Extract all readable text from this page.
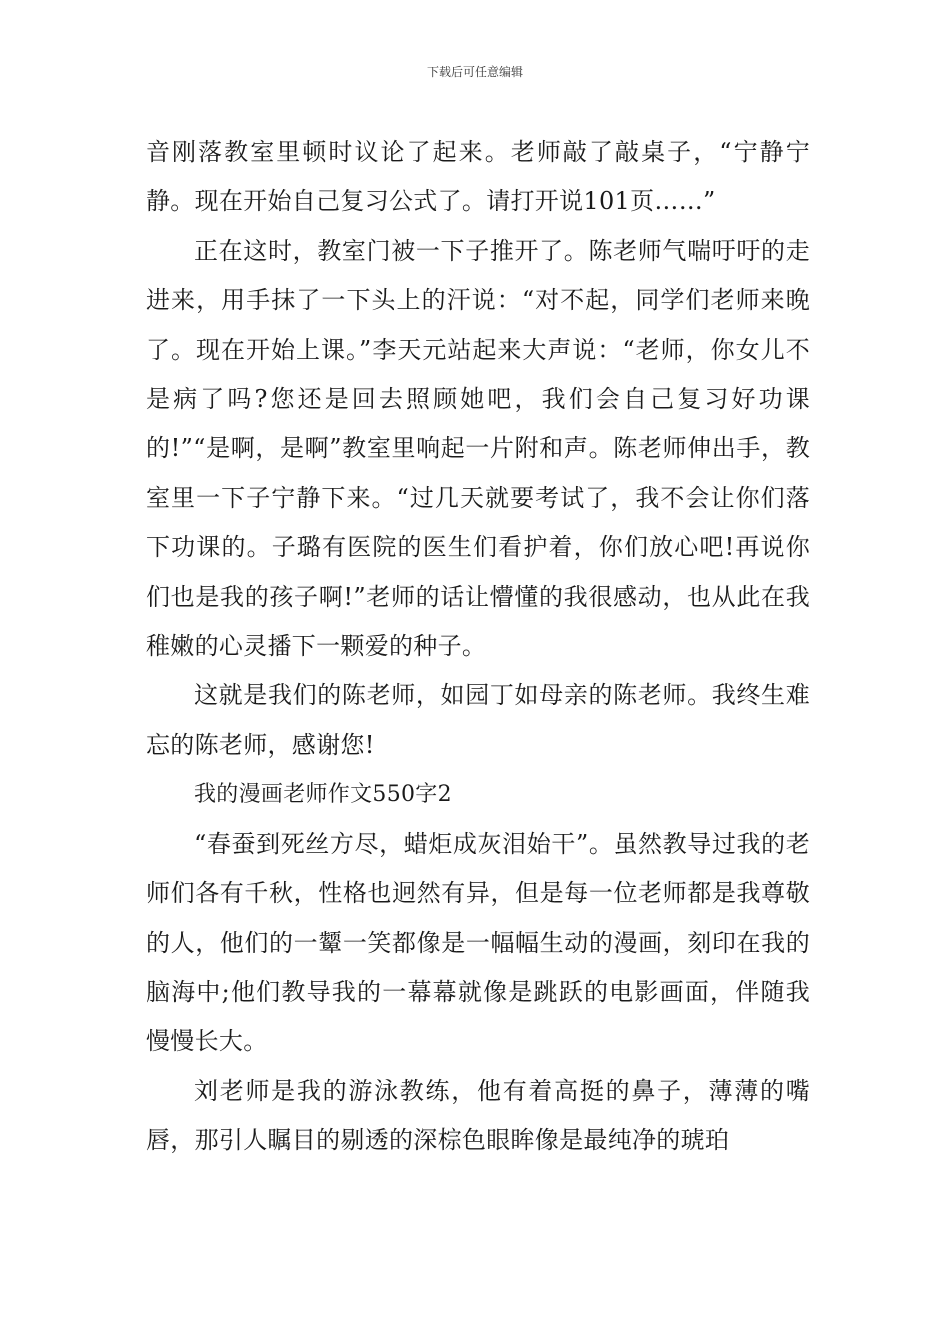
下载后可任意编辑

音刚落教室里顿时议论了起来。老师敲了敲桌子，“宁静宁静。现在开始自己复习公式了。请打开说101页……”

正在这时，教室门被一下子推开了。陈老师气喘吁吁的走进来，用手抹了一下头上的汗说：“对不起，同学们老师来晚了。现在开始上课。”李天元站起来大声说：“老师，你女儿不是病了吗?您还是回去照顾她吧，我们会自己复习好功课的!”“是啊，是啊”教室里响起一片附和声。陈老师伸出手，教室里一下子宁静下来。“过几天就要考试了，我不会让你们落下功课的。子璐有医院的医生们看护着，你们放心吧!再说你们也是我的孩子啊!”老师的话让懵懂的我很感动，也从此在我稚嫩的心灵播下一颗爱的种子。

这就是我们的陈老师，如园丁如母亲的陈老师。我终生难忘的陈老师，感谢您!

我的漫画老师作文550字2

“春蚕到死丝方尽，蜡炬成灰泪始干”。虽然教导过我的老师们各有千秋，性格也迥然有异，但是每一位老师都是我尊敬的人，他们的一颦一笑都像是一幅幅生动的漫画，刻印在我的脑海中;他们教导我的一幕幕就像是跳跃的电影画面，伴随我慢慢长大。

刘老师是我的游泳教练，他有着高挺的鼻子，薄薄的嘴唇，那引人瞩目的剔透的深棕色眼眸像是最纯净的琥珀
